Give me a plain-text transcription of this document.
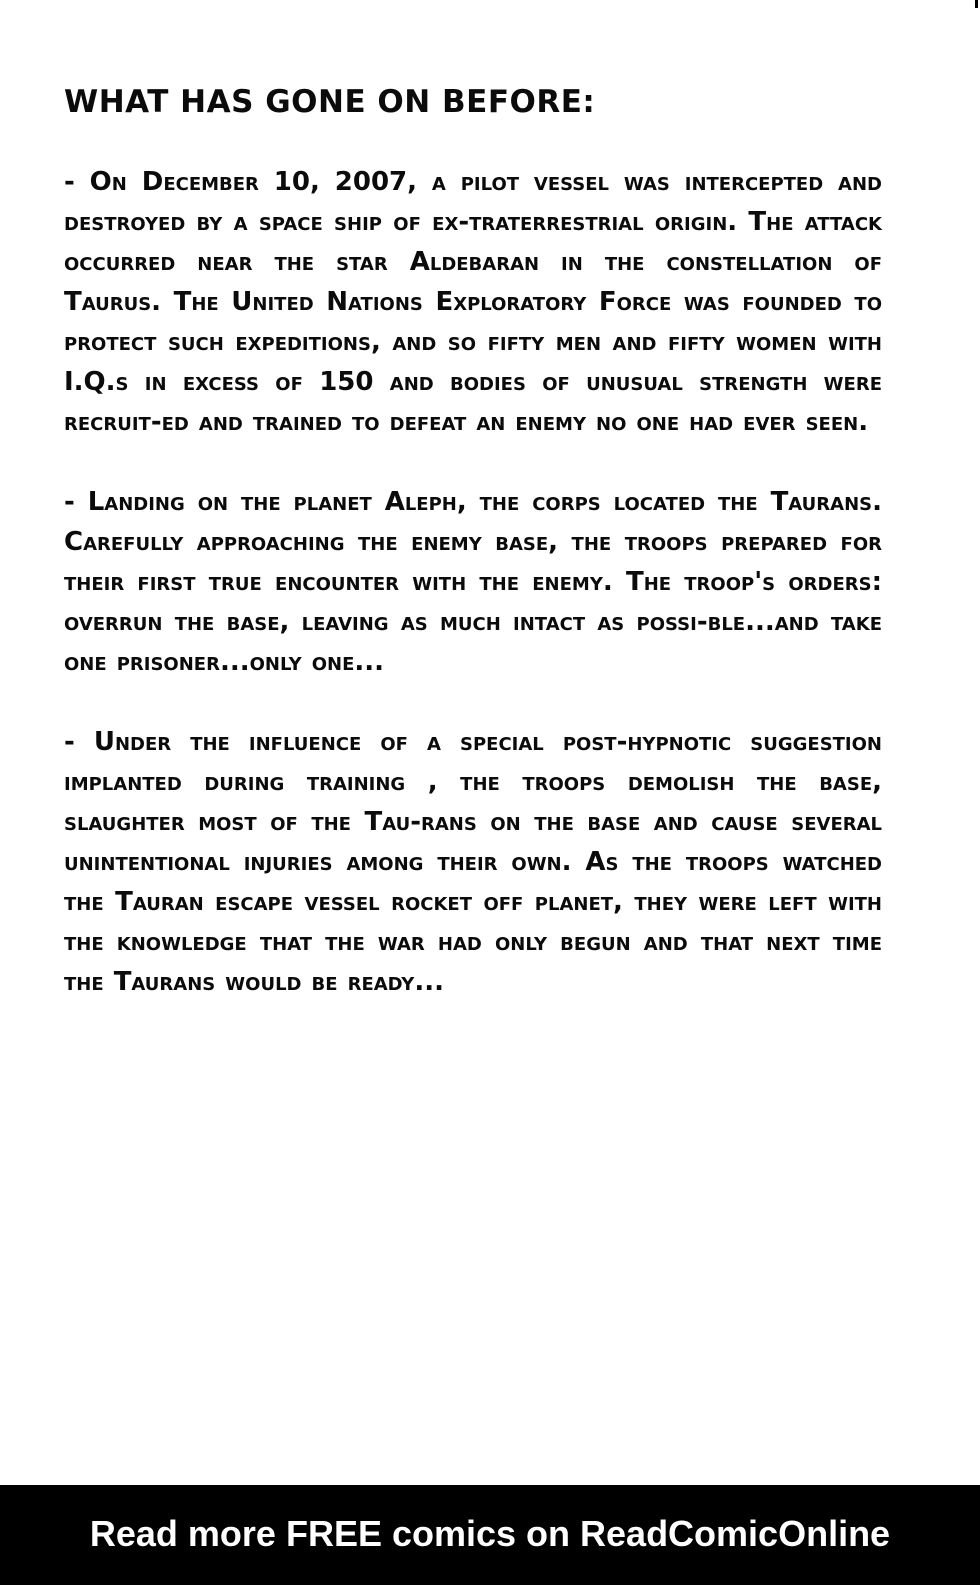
WHAT HAS GONE ON BEFORE:

- On December 10, 2007, a pilot vessel was intercepted and destroyed by a space ship of ex-traterrestrial origin. The attack occurred near the star Aldebaran in the constellation of Taurus. The United Nations Exploratory Force was founded to protect such expeditions, and so fifty men and fifty women with I.Q.s in excess of 150 and bodies of unusual strength were recruit-ed and trained to defeat an enemy no one had ever seen.

- Landing on the planet Aleph, the corps located the Taurans. Carefully approaching the enemy base, the troops prepared for their first true encounter with the enemy. The troop's orders: overrun the base, leaving as much intact as possi-ble...and take one prisoner...only one...

- Under the influence of a special post-hypnotic suggestion implanted during training , the troops demolish the base, slaughter most of the Tau-rans on the base and cause several unintentional injuries among their own. As the troops watched the Tauran escape vessel rocket off planet, they were left with the knowledge that the war had only begun and that next time the Taurans would be ready...

Read more FREE comics on ReadComicOnline
